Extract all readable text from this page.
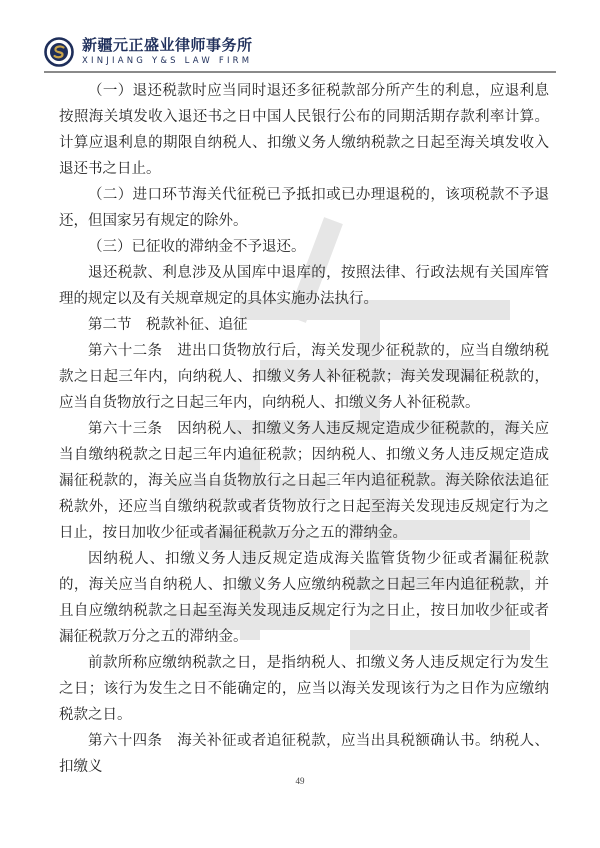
新疆元正盛业律师事务所
XINJIANG Y&S LAW FIRM

（一）退还税款时应当同时退还多征税款部分所产生的利息，应退利息按照海关填发收入退还书之日中国人民银行公布的同期活期存款利率计算。计算应退利息的期限自纳税人、扣缴义务人缴纳税款之日起至海关填发收入退还书之日止。

（二）进口环节海关代征税已予抵扣或已办理退税的，该项税款不予退还，但国家另有规定的除外。

（三）已征收的滞纳金不予退还。

退还税款、利息涉及从国库中退库的，按照法律、行政法规有关国库管理的规定以及有关规章规定的具体实施办法执行。

第二节　税款补征、追征

第六十二条　进出口货物放行后，海关发现少征税款的，应当自缴纳税款之日起三年内，向纳税人、扣缴义务人补征税款；海关发现漏征税款的，应当自货物放行之日起三年内，向纳税人、扣缴义务人补征税款。

第六十三条　因纳税人、扣缴义务人违反规定造成少征税款的，海关应当自缴纳税款之日起三年内追征税款；因纳税人、扣缴义务人违反规定造成漏征税款的，海关应当自货物放行之日起三年内追征税款。海关除依法追征税款外，还应当自缴纳税款或者货物放行之日起至海关发现违反规定行为之日止，按日加收少征或者漏征税款万分之五的滞纳金。

因纳税人、扣缴义务人违反规定造成海关监管货物少征或者漏征税款的，海关应当自纳税人、扣缴义务人应缴纳税款之日起三年内追征税款，并且自应缴纳税款之日起至海关发现违反规定行为之日止，按日加收少征或者漏征税款万分之五的滞纳金。

前款所称应缴纳税款之日，是指纳税人、扣缴义务人违反规定行为发生之日；该行为发生之日不能确定的，应当以海关发现该行为之日作为应缴纳税款之日。

第六十四条　海关补征或者追征税款，应当出具税额确认书。纳税人、扣缴义

49
